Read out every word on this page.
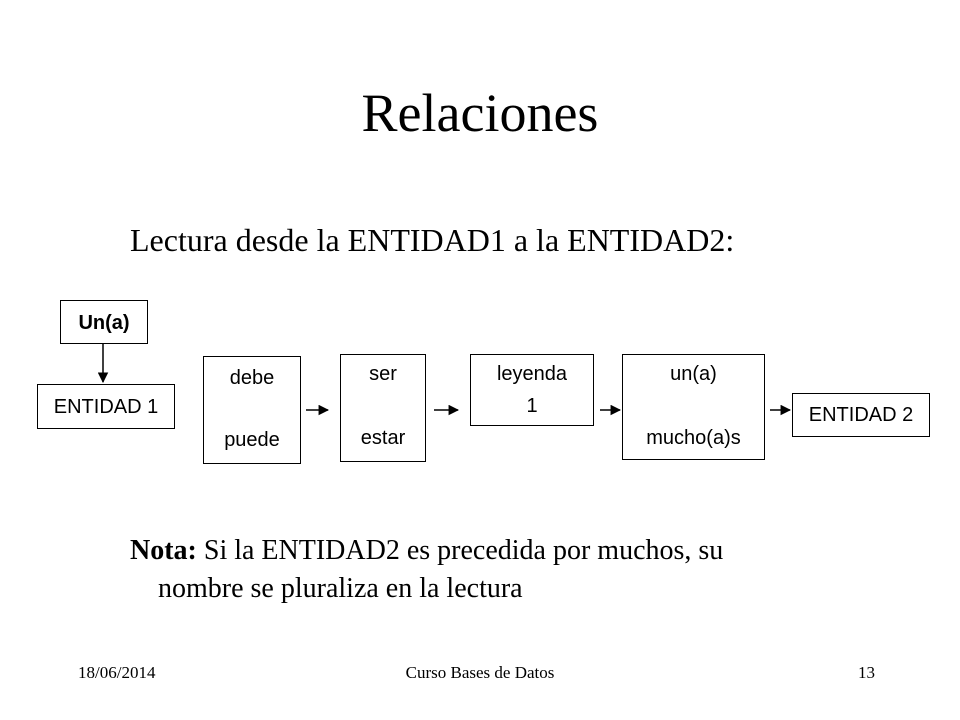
Relaciones
Lectura desde la ENTIDAD1 a la ENTIDAD2:
Un(a)
ENTIDAD 1
debe
puede
ser
estar
leyenda
1
un(a)
mucho(a)s
ENTIDAD 2
Nota: Si la ENTIDAD2 es precedida por muchos, su
nombre se pluraliza en la lectura
18/06/2014	Curso Bases de Datos	13
